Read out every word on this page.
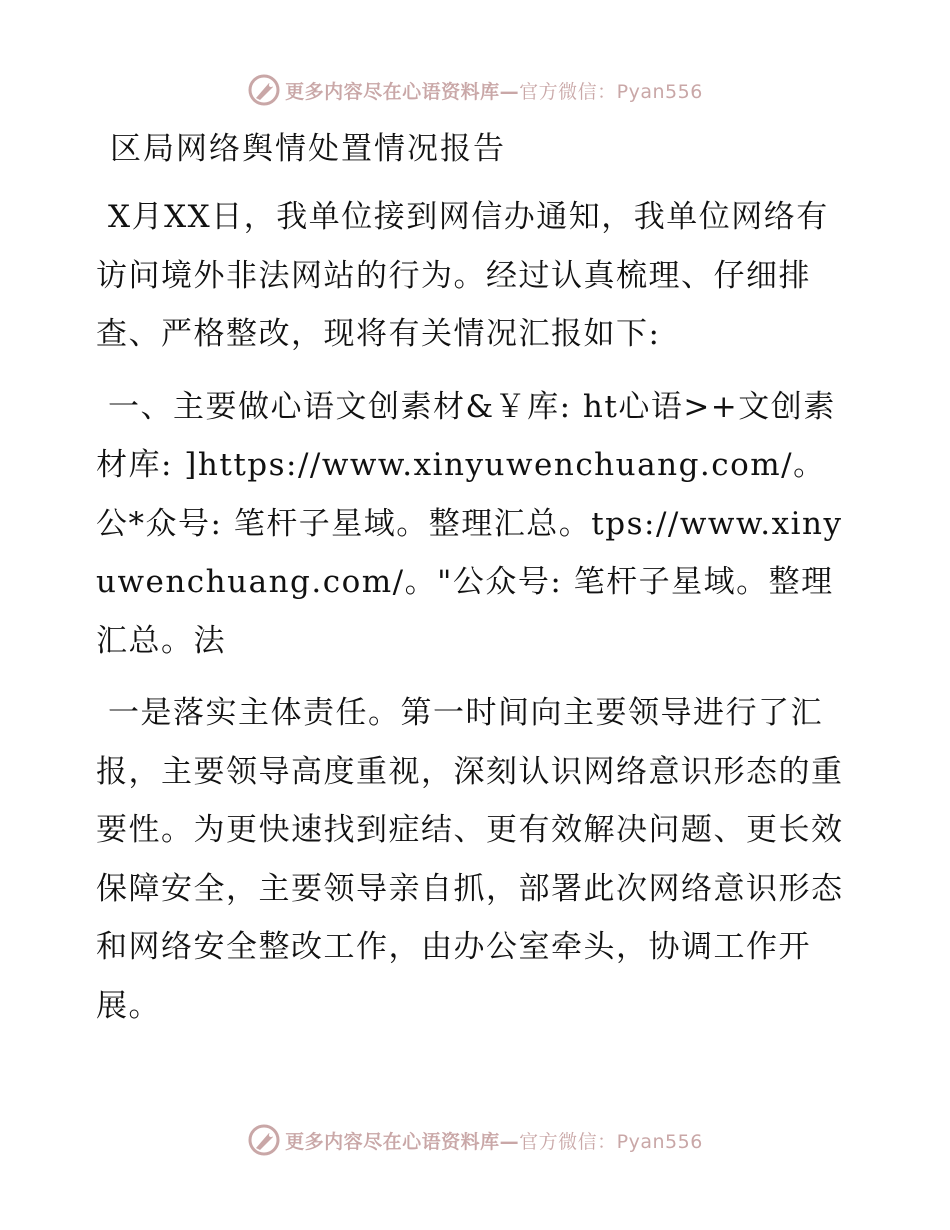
更多内容尽在心语资料库— 官方微信：Pyan556
区局网络舆情处置情况报告

X月XX日，我单位接到网信办通知，我单位网络有访问境外非法网站的行为。经过认真梳理、仔细排查、严格整改，现将有关情况汇报如下:

一、主要做心语文创素材&￥库: ht心语>+文创素材库: ]https://www.xinyuwenchuang.com/。公*众号: 笔杆子星域。整理汇总。tps://www.xinyuwenchuang.com/。"公众号: 笔杆子星域。整理汇总。法

一是落实主体责任。第一时间向主要领导进行了汇报，主要领导高度重视，深刻认识网络意识形态的重要性。为更快速找到症结、更有效解决问题、更长效保障安全，主要领导亲自抓，部署此次网络意识形态和网络安全整改工作，由办公室牵头，协调工作开展。

更多内容尽在心语资料库— 官方微信：Pyan556
